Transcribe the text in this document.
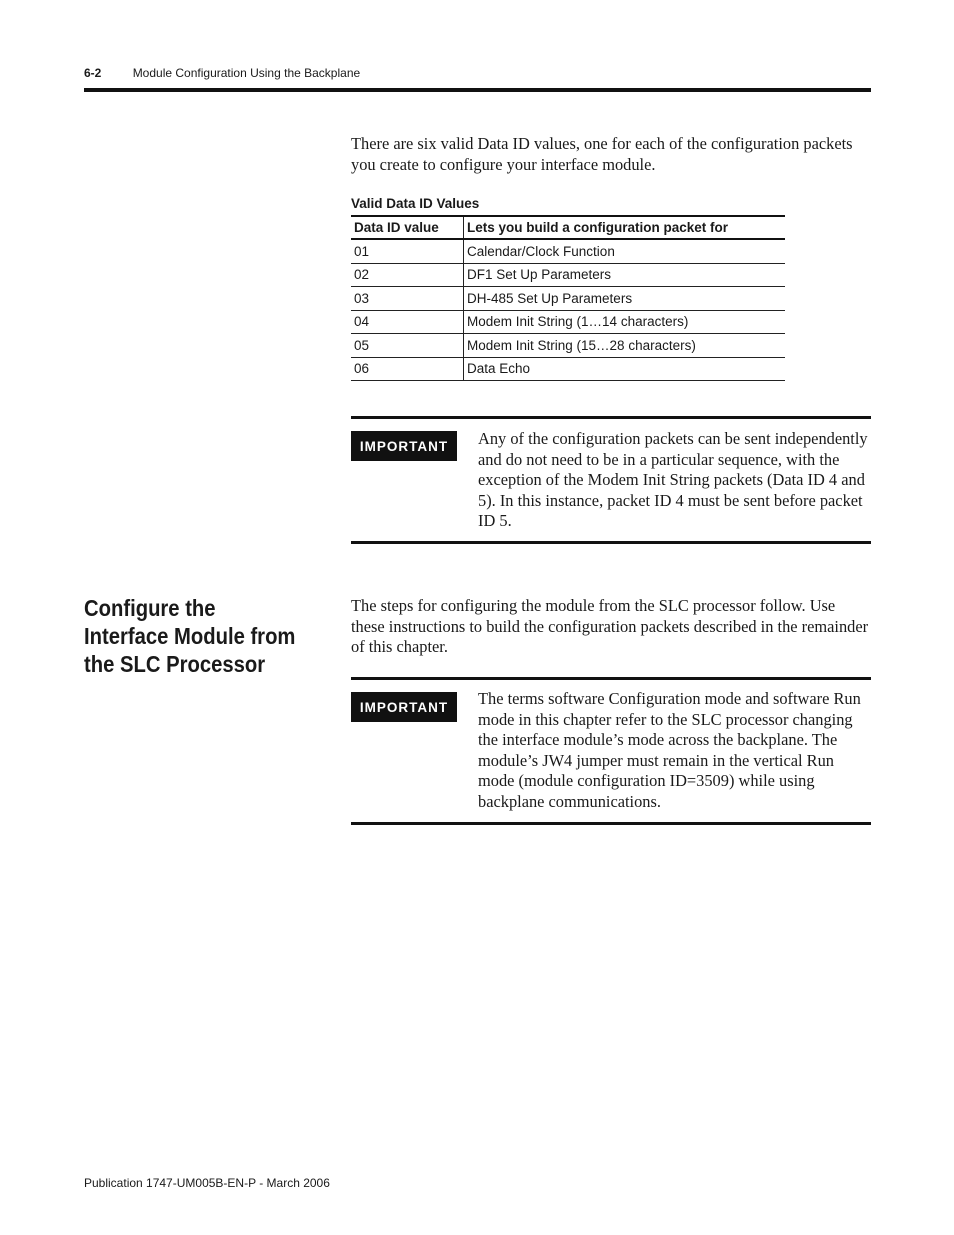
6-2	Module Configuration Using the Backplane

There are six valid Data ID values, one for each of the configuration packets you create to configure your interface module.

Valid Data ID Values
Data ID value	Lets you build a configuration packet for
01	Calendar/Clock Function
02	DF1 Set Up Parameters
03	DH-485 Set Up Parameters
04	Modem Init String (1…14 characters)
05	Modem Init String (15…28 characters)
06	Data Echo
IMPORTANT	Any of the configuration packets can be sent independently and do not need to be in a particular sequence, with the exception of the Modem Init String packets (Data ID 4 and 5). In this instance, packet ID 4 must be sent before packet ID 5.
Configure the Interface Module from the SLC Processor

The steps for configuring the module from the SLC processor follow. Use these instructions to build the configuration packets described in the remainder of this chapter.

IMPORTANT	The terms software Configuration mode and software Run mode in this chapter refer to the SLC processor changing the interface module’s mode across the backplane. The module’s JW4 jumper must remain in the vertical Run mode (module configuration ID=3509) while using backplane communications.
Publication 1747-UM005B-EN-P - March 2006
